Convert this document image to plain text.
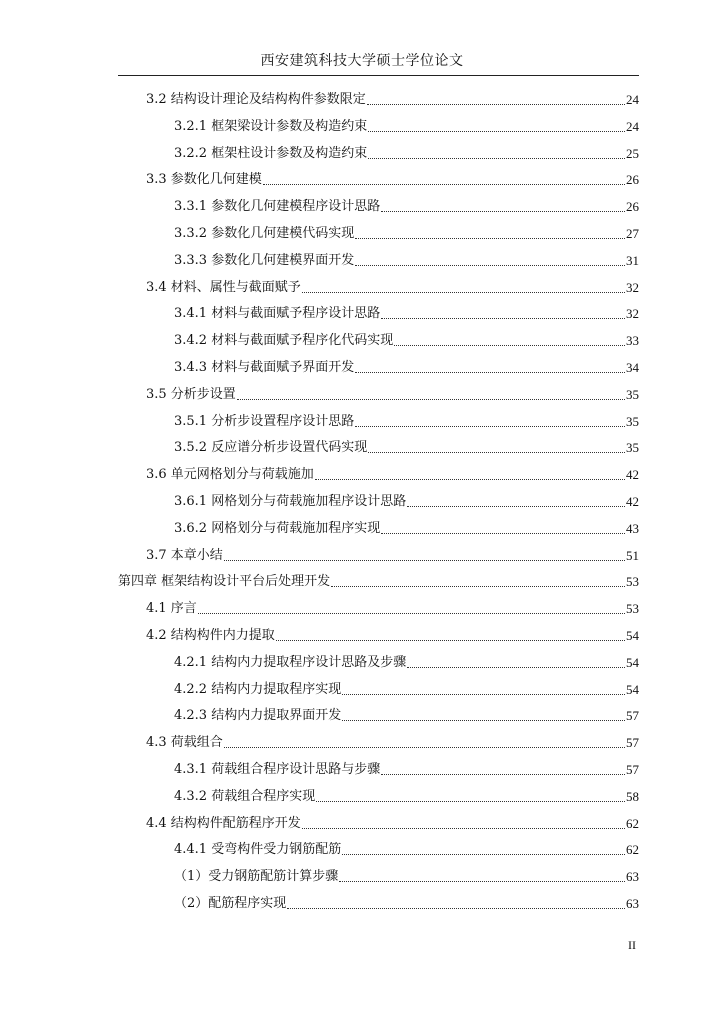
西安建筑科技大学硕士学位论文
3.2 结构设计理论及结构构件参数限定	24
3.2.1 框架梁设计参数及构造约束	24
3.2.2 框架柱设计参数及构造约束	25
3.3 参数化几何建模	26
3.3.1 参数化几何建模程序设计思路	26
3.3.2 参数化几何建模代码实现	27
3.3.3 参数化几何建模界面开发	31
3.4 材料、属性与截面赋予	32
3.4.1 材料与截面赋予程序设计思路	32
3.4.2 材料与截面赋予程序化代码实现	33
3.4.3 材料与截面赋予界面开发	34
3.5 分析步设置	35
3.5.1 分析步设置程序设计思路	35
3.5.2 反应谱分析步设置代码实现	35
3.6 单元网格划分与荷载施加	42
3.6.1 网格划分与荷载施加程序设计思路	42
3.6.2 网格划分与荷载施加程序实现	43
3.7 本章小结	51
第四章 框架结构设计平台后处理开发	53
4.1 序言	53
4.2 结构构件内力提取	54
4.2.1 结构内力提取程序设计思路及步骤	54
4.2.2 结构内力提取程序实现	54
4.2.3 结构内力提取界面开发	57
4.3 荷载组合	57
4.3.1 荷载组合程序设计思路与步骤	57
4.3.2 荷载组合程序实现	58
4.4 结构构件配筋程序开发	62
4.4.1 受弯构件受力钢筋配筋	62
（1）受力钢筋配筋计算步骤	63
（2）配筋程序实现	63
II
